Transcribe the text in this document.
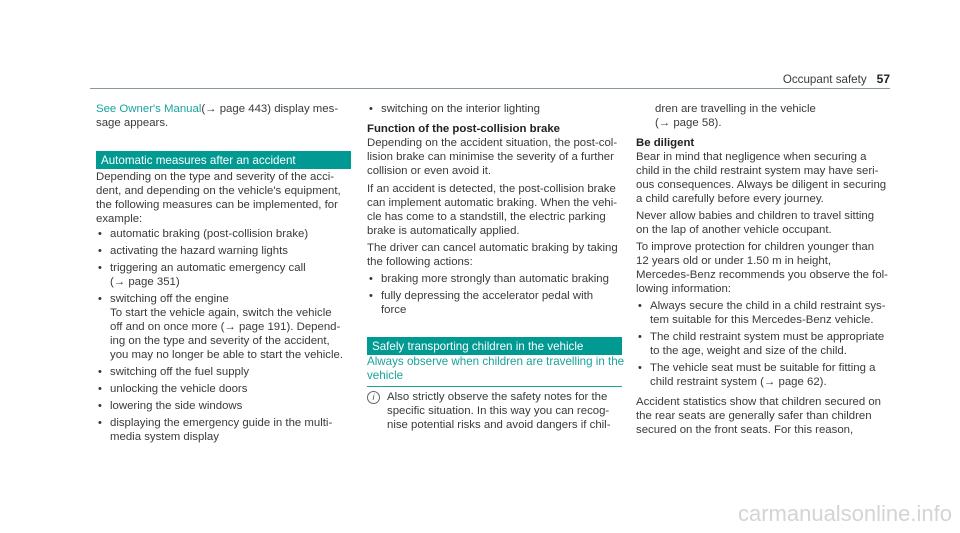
Occupant safety 57
See Owner's Manual(→ page 443) display mes-
sage appears.
Automatic measures after an accident
Depending on the type and severity of the acci-
dent, and depending on the vehicle's equipment,
the following measures can be implemented, for
example:
• switching on the interior lighting
Function of the post-collision brake
Depending on the accident situation, the post-col-
lision brake can minimise the severity of a further
collision or even avoid it.
If an accident is detected, the post-collision brake
can implement automatic braking. When the vehi-
cle has come to a standstill, the electric parking
brake is automatically applied.
The driver can cancel automatic braking by taking
the following actions:
Safely transporting children in the vehicle
Always observe when children are travelling in the
vehicle
i	Also strictly observe the safety notes for the
specific situation. In this way you can recog-
nise potential risks and avoid dangers if chil-
dren are travelling in the vehicle
(→ page 58).
Be diligent
Bear in mind that negligence when securing a
child in the child restraint system may have seri-
ous consequences. Always be diligent in securing
a child carefully before every journey.
Never allow babies and children to travel sitting
on the lap of another vehicle occupant.
To improve protection for children younger than
12 years old or under 1.50 m in height,
Mercedes-Benz recommends you observe the fol-
lowing information:
Accident statistics show that children secured on
the rear seats are generally safer than children
secured on the front seats. For this reason,
carmanualsonline.info
• automatic braking (post-collision brake)
• activating the hazard warning lights
• triggering an automatic emergency call
(→ page 351)
• switching off the engine
To start the vehicle again, switch the vehicle
off and on once more (→ page 191). Depend-
ing on the type and severity of the accident,
you may no longer be able to start the vehicle.
• switching off the fuel supply
• unlocking the vehicle doors
• lowering the side windows
• displaying the emergency guide in the multi-
media system display
• braking more strongly than automatic braking
• fully depressing the accelerator pedal with
force	• Always secure the child in a child restraint sys-
tem suitable for this Mercedes-Benz vehicle.
• The child restraint system must be appropriate
to the age, weight and size of the child.
• The vehicle seat must be suitable for fitting a
child restraint system (→ page 62).
